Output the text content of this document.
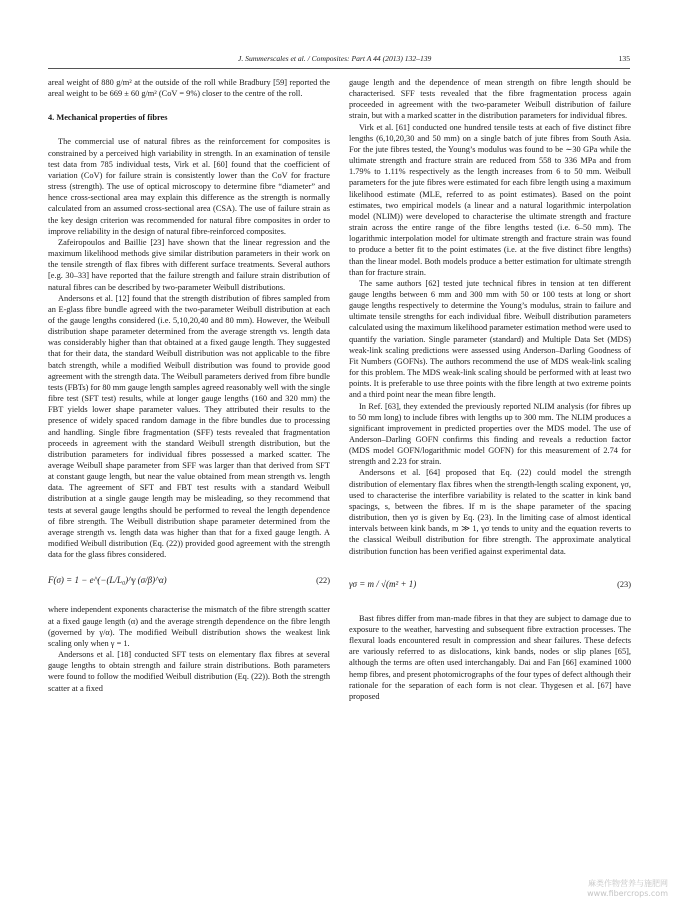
J. Summerscales et al. / Composites: Part A 44 (2013) 132–139	135

areal weight of 880 g/m² at the outside of the roll while Bradbury [59] reported the areal weight to be 669 ± 60 g/m² (CoV = 9%) closer to the centre of the roll.

4. Mechanical properties of fibres

The commercial use of natural fibres as the reinforcement for composites is constrained by a perceived high variability in strength. In an examination of tensile test data from 785 individual tests, Virk et al. [60] found that the coefficient of variation (CoV) for failure strain is consistently lower than the CoV for fracture stress (strength). The use of optical microscopy to determine fibre “diameter” and hence cross-sectional area may explain this difference as the strength is normally calculated from an assumed cross-sectional area (CSA). The use of failure strain as the key design criterion was recommended for natural fibre composites in order to improve reliability in the design of natural fibre-reinforced composites.

Zafeiropoulos and Baillie [23] have shown that the linear regression and the maximum likelihood methods give similar distribution parameters in their work on the tensile strength of flax fibres with different surface treatments. Several authors [e.g. 30–33] have reported that the failure strength and failure strain distribution of natural fibres can be described by two-parameter Weibull distributions.

Andersons et al. [12] found that the strength distribution of fibres sampled from an E-glass fibre bundle agreed with the two-parameter Weibull distribution at each of the gauge lengths considered (i.e. 5,10,20,40 and 80 mm). However, the Weibull distribution shape parameter determined from the average strength vs. length data was considerably higher than that obtained at a fixed gauge length. They suggested that for their data, the standard Weibull distribution was not applicable to the fibre batch strength, while a modified Weibull distribution was found to provide good agreement with the strength data. The Weibull parameters derived from fibre bundle tests (FBTs) for 80 mm gauge length samples agreed reasonably well with the single fibre test (SFT test) results, while at longer gauge lengths (160 and 320 mm) the FBT yields lower shape parameter values. They attributed their results to the presence of widely spaced random damage in the fibre bundles due to processing and handling. Single fibre fragmentation (SFF) tests revealed that fragmentation proceeds in agreement with the standard Weibull strength distribution, but the distribution parameters for individual fibres possessed a marked scatter. The average Weibull shape parameter from SFF was larger than that derived from SFT at constant gauge length, but near the value obtained from mean strength vs. length data. The agreement of SFT and FBT test results with a standard Weibull distribution at a single gauge length may be misleading, so they recommend that tests at several gauge lengths should be performed to reveal the length dependence of fibre strength. The Weibull distribution shape parameter determined from the average strength vs. length data was higher than that for a fixed gauge length. A modified Weibull distribution (Eq. (22)) provided good agreement with the strength data for the glass fibres considered.

F(σ) = 1 − e^(−(L/L₀)^γ (σ/β)^α)	(22)

where independent exponents characterise the mismatch of the fibre strength scatter at a fixed gauge length (α) and the average strength dependence on the fibre length (governed by γ/α). The modified Weibull distribution shows the weakest link scaling only when γ = 1.

Andersons et al. [18] conducted SFT tests on elementary flax fibres at several gauge lengths to obtain strength and failure strain distributions. Both parameters were found to follow the modified Weibull distribution (Eq. (22)). Both the strength scatter at a fixed

gauge length and the dependence of mean strength on fibre length should be characterised. SFF tests revealed that the fibre fragmentation process again proceeded in agreement with the two-parameter Weibull distribution of failure strain, but with a marked scatter in the distribution parameters for individual fibres.

Virk et al. [61] conducted one hundred tensile tests at each of five distinct fibre lengths (6,10,20,30 and 50 mm) on a single batch of jute fibres from South Asia. For the jute fibres tested, the Young’s modulus was found to be ∼30 GPa while the ultimate strength and fracture strain are reduced from 558 to 336 MPa and from 1.79% to 1.11% respectively as the length increases from 6 to 50 mm. Weibull parameters for the jute fibres were estimated for each fibre length using a maximum likelihood estimate (MLE, referred to as point estimates). Based on the point estimates, two empirical models (a linear and a natural logarithmic interpolation model (NLIM)) were developed to characterise the ultimate strength and fracture strain across the entire range of the fibre lengths tested (i.e. 6–50 mm). The logarithmic interpolation model for ultimate strength and fracture strain was found to produce a better fit to the point estimates (i.e. at the five distinct fibre lengths) than the linear model. Both models produce a better estimation for ultimate strength than for fracture strain.

The same authors [62] tested jute technical fibres in tension at ten different gauge lengths between 6 mm and 300 mm with 50 or 100 tests at long or short gauge lengths respectively to determine the Young’s modulus, strain to failure and ultimate tensile strengths for each individual fibre. Weibull distribution parameters calculated using the maximum likelihood parameter estimation method were used to quantify the variation. Single parameter (standard) and Multiple Data Set (MDS) weak-link scaling predictions were assessed using Anderson–Darling Goodness of Fit Numbers (GOFNs). The authors recommend the use of MDS weak-link scaling for this problem. The MDS weak-link scaling should be performed with at least two points. It is preferable to use three points with the fibre length at two extreme points and a third point near the mean fibre length.

In Ref. [63], they extended the previously reported NLIM analysis (for fibres up to 50 mm long) to include fibres with lengths up to 300 mm. The NLIM produces a significant improvement in predicted properties over the MDS model. The use of Anderson–Darling GOFN confirms this finding and reveals a reduction factor (MDS model GOFN/logarithmic model GOFN) for this measurement of 2.74 for strength and 2.23 for strain.

Andersons et al. [64] proposed that Eq. (22) could model the strength distribution of elementary flax fibres when the strength-length scaling exponent, γσ, used to characterise the interfibre variability is related to the scatter in kink band spacings, s, between the fibres. If m is the shape parameter of the spacing distribution, then γσ is given by Eq. (23). In the limiting case of almost identical intervals between kink bands, m ≫ 1, γσ tends to unity and the equation reverts to the classical Weibull distribution for fibre strength. The approximate analytical distribution function has been verified against experimental data.

γσ = m / √(m² + 1)	(23)

Bast fibres differ from man-made fibres in that they are subject to damage due to exposure to the weather, harvesting and subsequent fibre extraction processes. The flexural loads encountered result in compression and shear failures. These defects are variously referred to as dislocations, kink bands, nodes or slip planes [65], although the terms are often used interchangably. Dai and Fan [66] examined 1000 hemp fibres, and present photomicrographs of the four types of defect although their rationale for the separation of each form is not clear. Thygesen et al. [67] have proposed

麻类作物营养与施肥网
www.fibercrops.com
